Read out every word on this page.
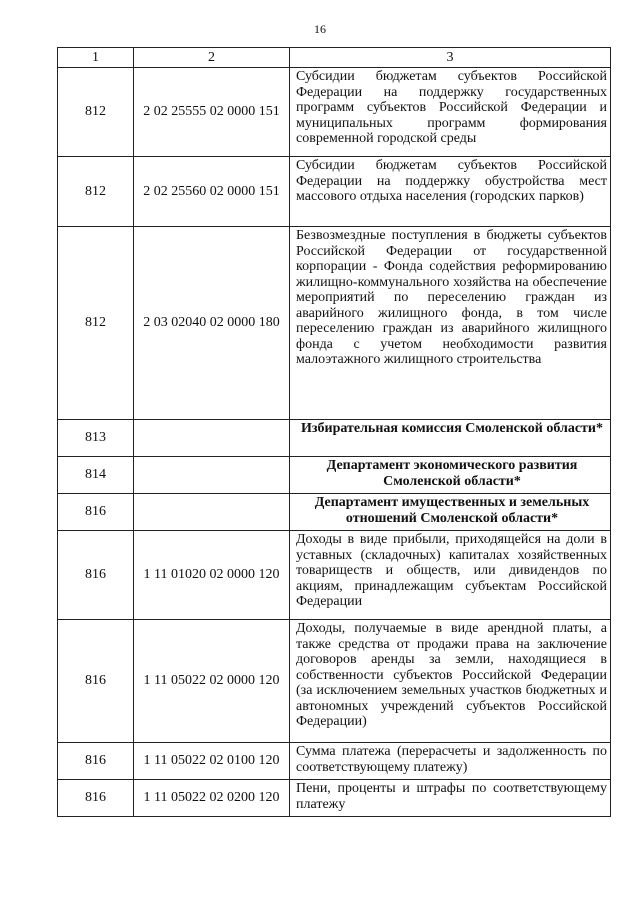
16
1	2	3
812	2 02 25555 02 0000 151	Субсидии бюджетам субъектов Российской Федерации на поддержку государственных программ субъектов Российской Федерации и муниципальных программ формирования современной городской среды
812	2 02 25560 02 0000 151	Субсидии бюджетам субъектов Российской Федерации на поддержку обустройства мест массового отдыха населения (городских парков)
812	2 03 02040 02 0000 180	Безвозмездные поступления в бюджеты субъектов Российской Федерации от государственной корпорации - Фонда содействия реформированию жилищно-коммунального хозяйства на обеспечение мероприятий по переселению граждан из аварийного жилищного фонда, в том числе переселению граждан из аварийного жилищного фонда с учетом необходимости развития малоэтажного жилищного строительства
813		Избирательная комиссия Смоленской области*
814		Департамент экономического развития Смоленской области*
816		Департамент имущественных и земельных отношений Смоленской области*
816	1 11 01020 02 0000 120	Доходы в виде прибыли, приходящейся на доли в уставных (складочных) капиталах хозяйственных товариществ и обществ, или дивидендов по акциям, принадлежащим субъектам Российской Федерации
816	1 11 05022 02 0000 120	Доходы, получаемые в виде арендной платы, а также средства от продажи права на заключение договоров аренды за земли, находящиеся в собственности субъектов Российской Федерации (за исключением земельных участков бюджетных и автономных учреждений субъектов Российской Федерации)
816	1 11 05022 02 0100 120	Сумма платежа (перерасчеты и задолженность по соответствующему платежу)
816	1 11 05022 02 0200 120	Пени, проценты и штрафы по соответствующему платежу
